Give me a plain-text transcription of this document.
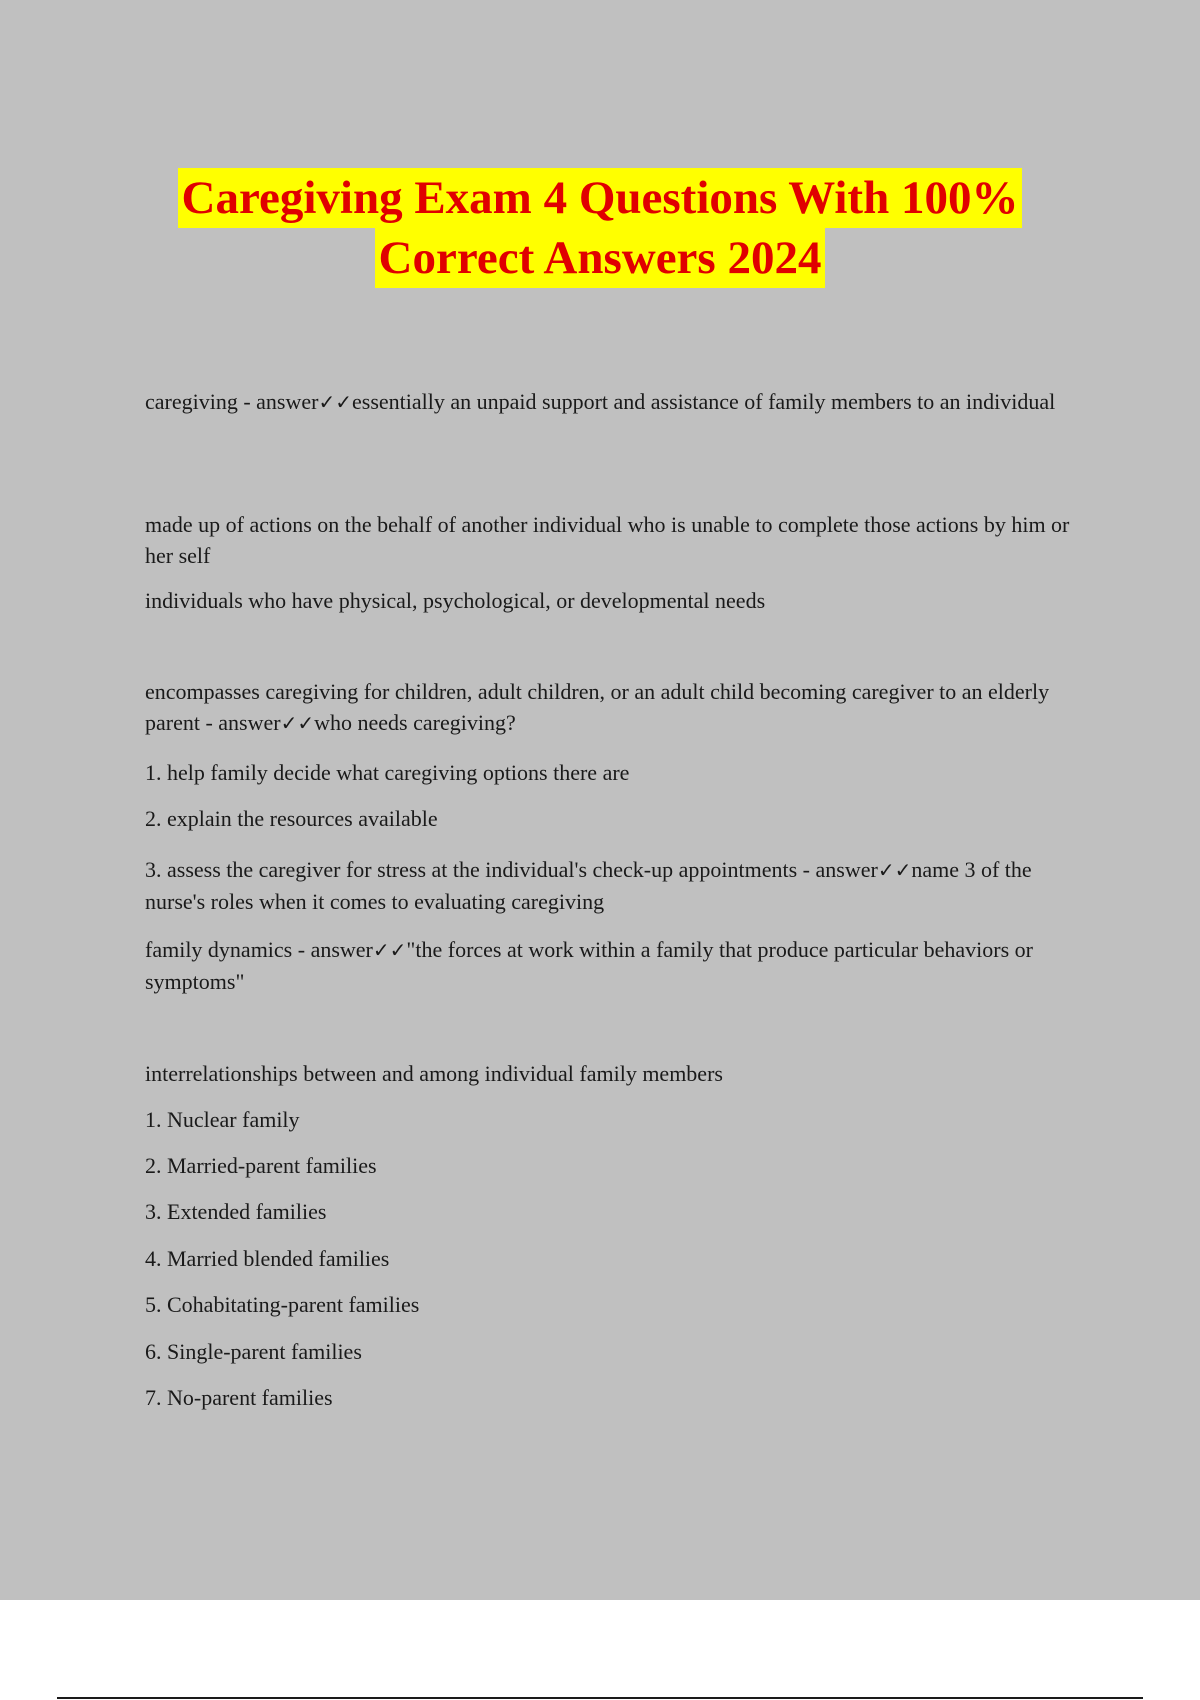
Caregiving Exam 4 Questions With 100%
Correct Answers 2024

caregiving - answer✓✓essentially an unpaid support and assistance of family members to an individual

made up of actions on the behalf of another individual who is unable to complete those actions by him or her self

individuals who have physical, psychological, or developmental needs

encompasses caregiving for children, adult children, or an adult child becoming caregiver to an elderly parent - answer✓✓who needs caregiving?

1. help family decide what caregiving options there are

2. explain the resources available

3. assess the caregiver for stress at the individual's check-up appointments - answer✓✓name 3 of the nurse's roles when it comes to evaluating caregiving

family dynamics - answer✓✓"the forces at work within a family that produce particular behaviors or symptoms"

interrelationships between and among individual family members

1. Nuclear family

2. Married-parent families

3. Extended families

4. Married blended families

5. Cohabitating-parent families

6. Single-parent families

7. No-parent families
